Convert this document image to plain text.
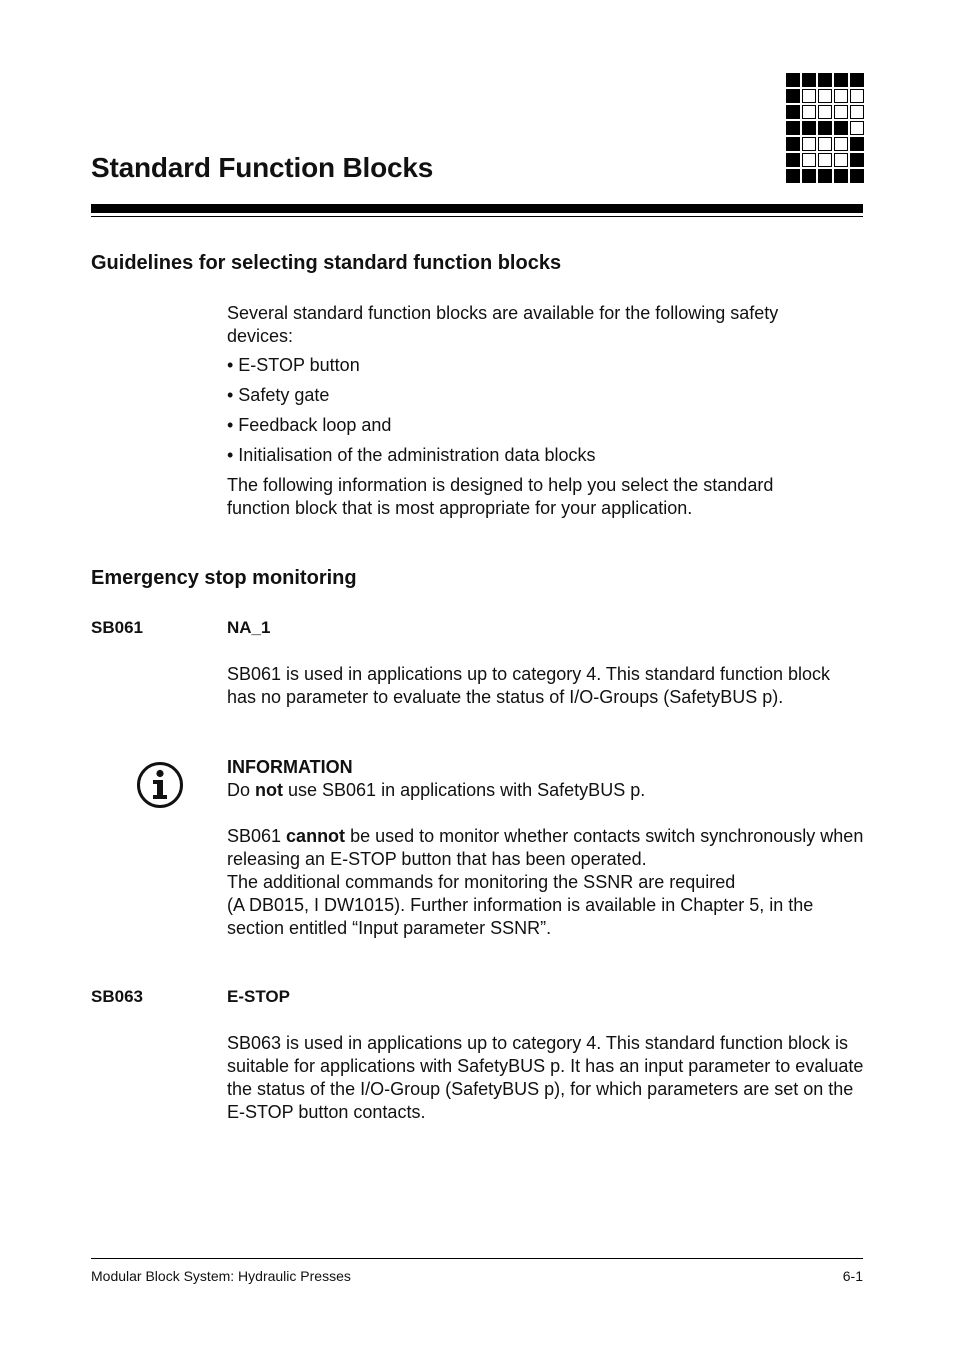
Standard Function Blocks
Guidelines for selecting standard function blocks
Several standard function blocks are available for the following safety devices:
• E-STOP button
• Safety gate
• Feedback loop and
• Initialisation of the administration data blocks
The following information is designed to help you select the standard function block that is most appropriate for your application.
Emergency stop monitoring
SB061	NA_1
SB061 is used in applications up to category 4. This standard function block has no parameter to evaluate the status of I/O-Groups (SafetyBUS p).
INFORMATION
Do not use SB061 in applications with SafetyBUS p.
SB061 cannot be used to monitor whether contacts switch synchronously when releasing an E-STOP button that has been operated.
The additional commands for monitoring the SSNR are required
(A DB015, I DW1015). Further information is available in Chapter 5, in the section entitled “Input parameter SSNR”.
SB063	E-STOP
SB063 is used in applications up to category 4. This standard function block is suitable for applications with SafetyBUS p. It has an input parameter to evaluate the status of the I/O-Group (SafetyBUS p), for which parameters are set on the E-STOP button contacts.
Modular Block System: Hydraulic Presses	6-1
